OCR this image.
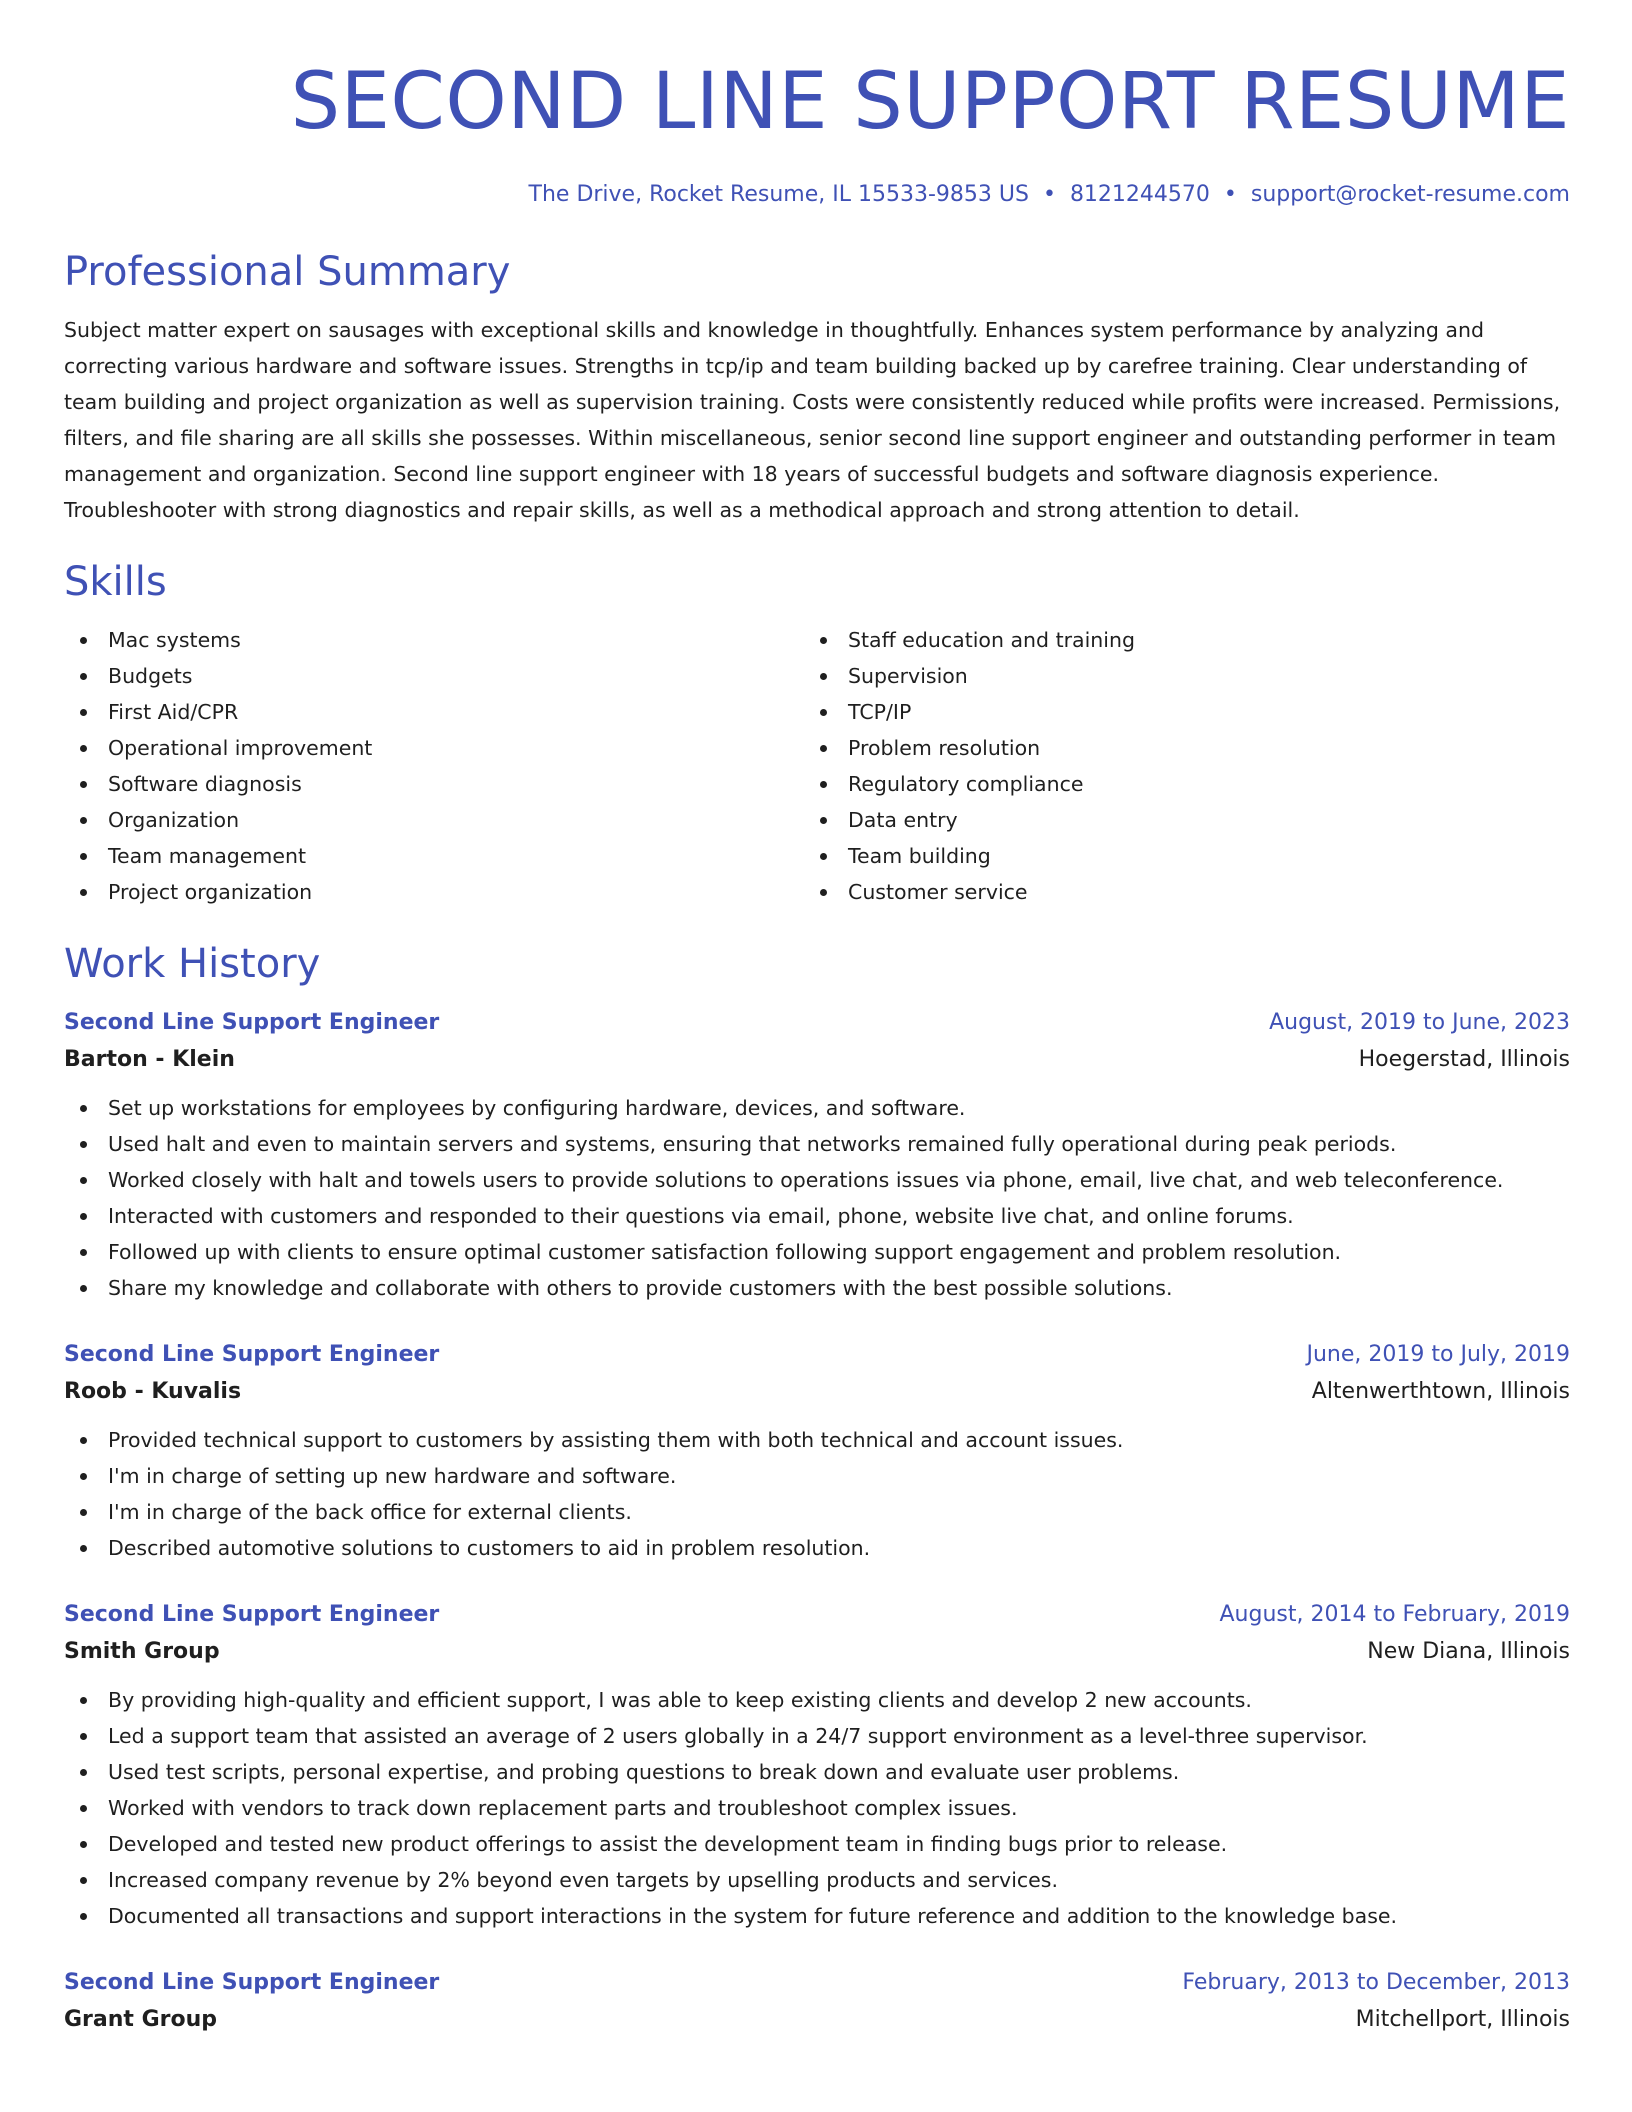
SECOND LINE SUPPORT RESUME
The Drive, Rocket Resume, IL 15533-9853 US • 8121244570 • support@rocket-resume.com
Professional Summary
Subject matter expert on sausages with exceptional skills and knowledge in thoughtfully. Enhances system performance by analyzing and correcting various hardware and software issues. Strengths in tcp/ip and team building backed up by carefree training. Clear understanding of team building and project organization as well as supervision training. Costs were consistently reduced while profits were increased. Permissions, filters, and file sharing are all skills she possesses. Within miscellaneous, senior second line support engineer and outstanding performer in team management and organization. Second line support engineer with 18 years of successful budgets and software diagnosis experience. Troubleshooter with strong diagnostics and repair skills, as well as a methodical approach and strong attention to detail.
Skills
Mac systems
Budgets
First Aid/CPR
Operational improvement
Software diagnosis
Organization
Team management
Project organization
Staff education and training
Supervision
TCP/IP
Problem resolution
Regulatory compliance
Data entry
Team building
Customer service
Work History
Second Line Support Engineer	August, 2019 to June, 2023
Barton - Klein	Hoegerstad, Illinois
Set up workstations for employees by configuring hardware, devices, and software.
Used halt and even to maintain servers and systems, ensuring that networks remained fully operational during peak periods.
Worked closely with halt and towels users to provide solutions to operations issues via phone, email, live chat, and web teleconference.
Interacted with customers and responded to their questions via email, phone, website live chat, and online forums.
Followed up with clients to ensure optimal customer satisfaction following support engagement and problem resolution.
Share my knowledge and collaborate with others to provide customers with the best possible solutions.
Second Line Support Engineer	June, 2019 to July, 2019
Roob - Kuvalis	Altenwerthtown, Illinois
Provided technical support to customers by assisting them with both technical and account issues.
I'm in charge of setting up new hardware and software.
I'm in charge of the back office for external clients.
Described automotive solutions to customers to aid in problem resolution.
Second Line Support Engineer	August, 2014 to February, 2019
Smith Group	New Diana, Illinois
By providing high-quality and efficient support, I was able to keep existing clients and develop 2 new accounts.
Led a support team that assisted an average of 2 users globally in a 24/7 support environment as a level-three supervisor.
Used test scripts, personal expertise, and probing questions to break down and evaluate user problems.
Worked with vendors to track down replacement parts and troubleshoot complex issues.
Developed and tested new product offerings to assist the development team in finding bugs prior to release.
Increased company revenue by 2% beyond even targets by upselling products and services.
Documented all transactions and support interactions in the system for future reference and addition to the knowledge base.
Second Line Support Engineer	February, 2013 to December, 2013
Grant Group	Mitchellport, Illinois
